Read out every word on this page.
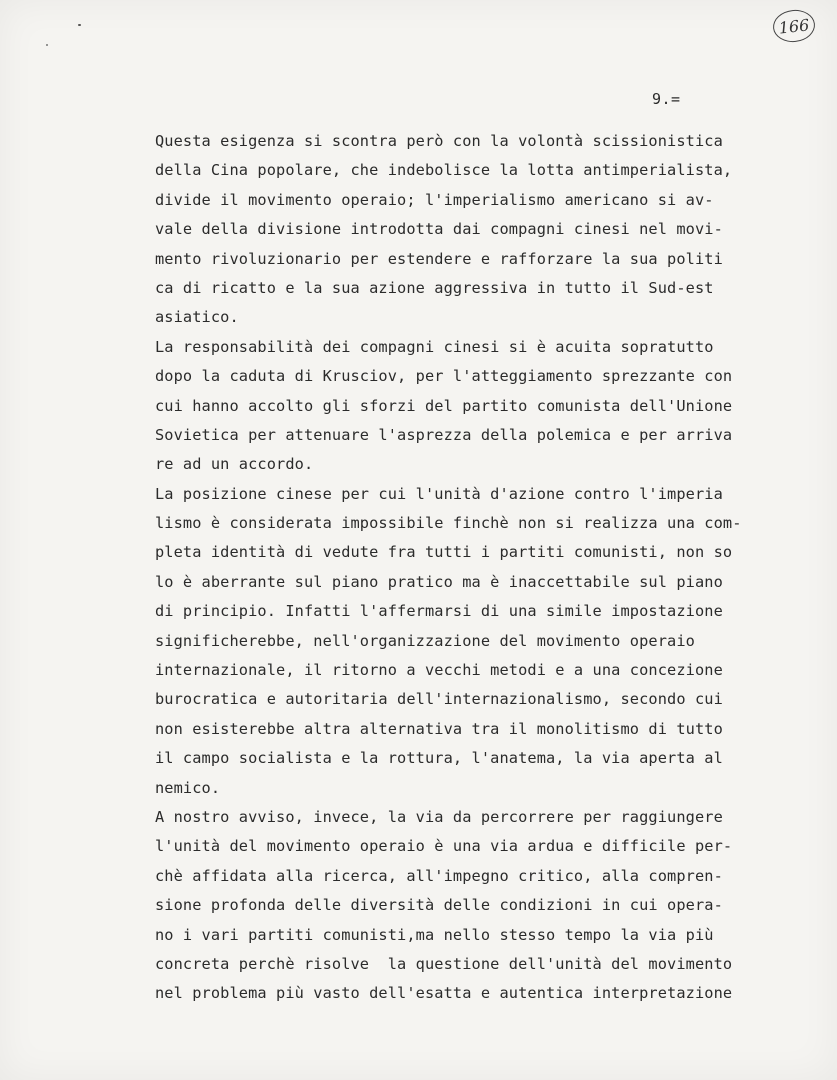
166
9.=
Questa esigenza si scontra però con la volontà scissionistica
della Cina popolare, che indebolisce la lotta antimperialista,
divide il movimento operaio; l'imperialismo americano si av-
vale della divisione introdotta dai compagni cinesi nel movi-
mento rivoluzionario per estendere e rafforzare la sua politi
ca di ricatto e la sua azione aggressiva in tutto il Sud-est
asiatico.
La responsabilità dei compagni cinesi si è acuita sopratutto
dopo la caduta di Krusciov, per l'atteggiamento sprezzante con
cui hanno accolto gli sforzi del partito comunista dell'Unione
Sovietica per attenuare l'asprezza della polemica e per arriva
re ad un accordo.
La posizione cinese per cui l'unità d'azione contro l'imperia
lismo è considerata impossibile finchè non si realizza una com-
pleta identità di vedute fra tutti i partiti comunisti, non so
lo è aberrante sul piano pratico ma è inaccettabile sul piano
di principio. Infatti l'affermarsi di una simile impostazione
significherebbe, nell'organizzazione del movimento operaio
internazionale, il ritorno a vecchi metodi e a una concezione
burocratica e autoritaria dell'internazionalismo, secondo cui
non esisterebbe altra alternativa tra il monolitismo di tutto
il campo socialista e la rottura, l'anatema, la via aperta al
nemico.
A nostro avviso, invece, la via da percorrere per raggiungere
l'unità del movimento operaio è una via ardua e difficile per-
chè affidata alla ricerca, all'impegno critico, alla compren-
sione profonda delle diversità delle condizioni in cui opera-
no i vari partiti comunisti,ma nello stesso tempo la via più
concreta perchè risolve  la questione dell'unità del movimento
nel problema più vasto dell'esatta e autentica interpretazione
